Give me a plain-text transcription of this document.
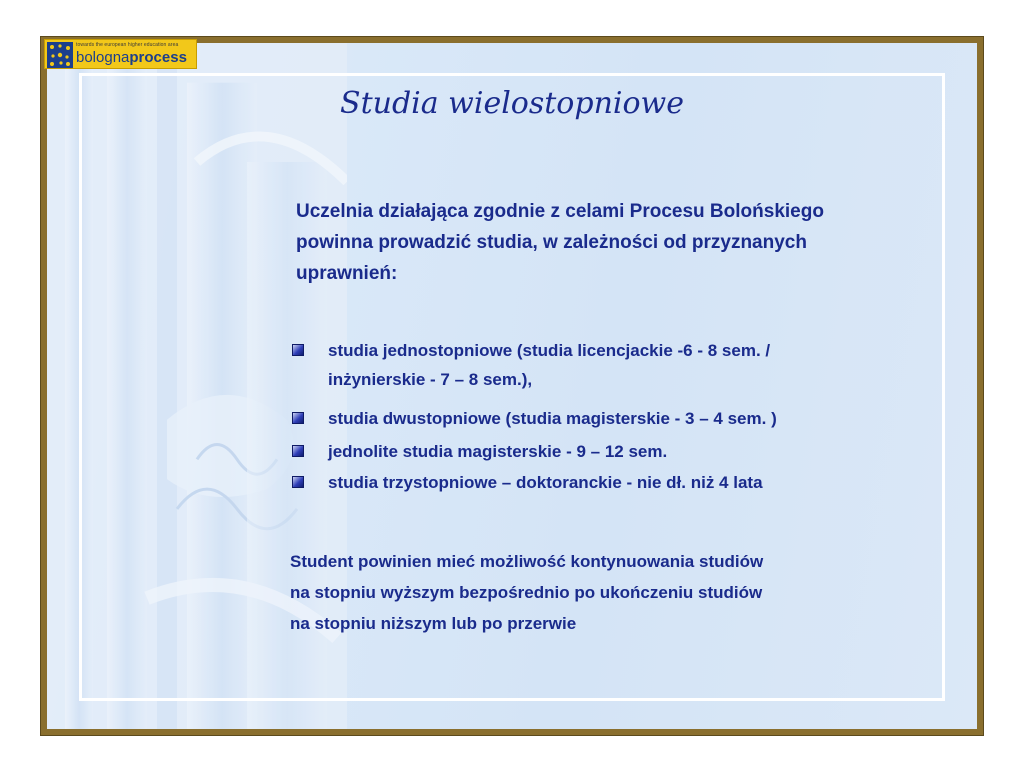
towards the european higher education area
bolognaprocess
Studia wielostopniowe
Uczelnia działająca zgodnie z celami Procesu Bolońskiego powinna prowadzić studia, w zależności od przyznanych uprawnień:
studia jednostopniowe (studia licencjackie -6 - 8 sem. /
inżynierskie - 7 – 8 sem.),
studia dwustopniowe (studia magisterskie - 3 – 4 sem. )
jednolite studia magisterskie - 9 – 12 sem.
studia trzystopniowe – doktoranckie - nie dł. niż 4 lata
Student powinien mieć możliwość kontynuowania studiów
na stopniu wyższym bezpośrednio po ukończeniu studiów
na stopniu niższym lub po przerwie
